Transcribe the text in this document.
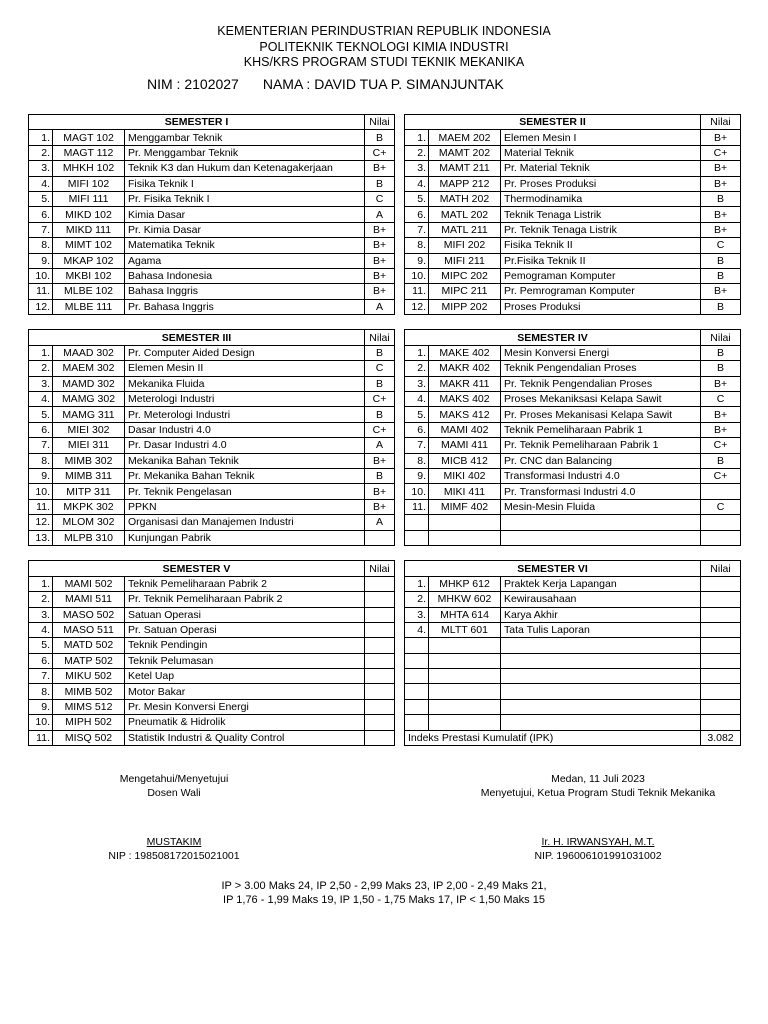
KEMENTERIAN PERINDUSTRIAN REPUBLIK INDONESIA
POLITEKNIK TEKNOLOGI KIMIA INDUSTRI
KHS/KRS PROGRAM STUDI TEKNIK MEKANIKA
NIM : 2102027 NAMA : DAVID TUA P. SIMANJUNTAK
SEMESTER I			Nilai
1.	MAGT 102	Menggambar Teknik	B
2.	MAGT 112	Pr. Menggambar Teknik	C+
3.	MHKH 102	Teknik K3 dan Hukum dan Ketenagakerjaan	B+
4.	MIFI 102	Fisika Teknik I	B
5.	MIFI 111	Pr. Fisika Teknik I	C
6.	MIKD 102	Kimia Dasar	A
7.	MIKD 111	Pr. Kimia Dasar	B+
8.	MIMT 102	Matematika Teknik	B+
9.	MKAP 102	Agama	B+
10.	MKBI 102	Bahasa Indonesia	B+
11.	MLBE 102	Bahasa Inggris	B+
12.	MLBE 111	Pr. Bahasa Inggris	A

SEMESTER III			Nilai
1.	MAAD 302	Pr. Computer Aided Design	B
2.	MAEM 302	Elemen Mesin II	C
3.	MAMD 302	Mekanika Fluida	B
4.	MAMG 302	Meterologi Industri	C+
5.	MAMG 311	Pr. Meterologi Industri	B
6.	MIEI 302	Dasar Industri 4.0	C+
7.	MIEI 311	Pr. Dasar Industri 4.0	A
8.	MIMB 302	Mekanika Bahan Teknik	B+
9.	MIMB 311	Pr. Mekanika Bahan Teknik	B
10.	MITP 311	Pr. Teknik Pengelasan	B+
11.	MKPK 302	PPKN	B+
12.	MLOM 302	Organisasi dan Manajemen Industri	A
13.	MLPB 310	Kunjungan Pabrik	

SEMESTER V			Nilai
1.	MAMI 502	Teknik Pemeliharaan Pabrik 2	
2.	MAMI 511	Pr. Teknik Pemeliharaan Pabrik 2	
3.	MASO 502	Satuan Operasi	
4.	MASO 511	Pr. Satuan Operasi	
5.	MATD 502	Teknik Pendingin	
6.	MATP 502	Teknik Pelumasan	
7.	MIKU 502	Ketel Uap	
8.	MIMB 502	Motor Bakar	
9.	MIMS 512	Pr. Mesin Konversi Energi	
10.	MIPH 502	Pneumatik & Hidrolik	
11.	MISQ 502	Statistik Industri & Quality Control	
SEMESTER II			Nilai
1.	MAEM 202	Elemen Mesin I	B+
2.	MAMT 202	Material Teknik	C+
3.	MAMT 211	Pr. Material Teknik	B+
4.	MAPP 212	Pr. Proses Produksi	B+
5.	MATH 202	Thermodinamika	B
6.	MATL 202	Teknik Tenaga Listrik	B+
7.	MATL 211	Pr. Teknik Tenaga Listrik	B+
8.	MIFI 202	Fisika Teknik II	C
9.	MIFI 211	Pr.Fisika Teknik II	B
10.	MIPC 202	Pemograman Komputer	B
11.	MIPC 211	Pr. Pemrograman Komputer	B+
12.	MIPP 202	Proses Produksi	B

SEMESTER IV			Nilai
1.	MAKE 402	Mesin Konversi Energi	B
2.	MAKR 402	Teknik Pengendalian Proses	B
3.	MAKR 411	Pr. Teknik Pengendalian Proses	B+
4.	MAKS 402	Proses Mekaniksasi Kelapa Sawit	C
5.	MAKS 412	Pr. Proses Mekanisasi Kelapa Sawit	B+
6.	MAMI 402	Teknik Pemeliharaan Pabrik 1	B+
7.	MAMI 411	Pr. Teknik Pemeliharaan Pabrik 1	C+
8.	MICB 412	Pr. CNC dan Balancing	B
9.	MIKI 402	Transformasi Industri 4.0	C+
10.	MIKI 411	Pr. Transformasi Industri 4.0	
11.	MIMF 402	Mesin-Mesin Fluida	C

SEMESTER VI			Nilai
1.	MHKP 612	Praktek Kerja Lapangan	
2.	MHKW 602	Kewirausahaan	
3.	MHTA 614	Karya Akhir	
4.	MLTT 601	Tata Tulis Laporan	

Indeks Prestasi Kumulatif (IPK)			3.082
Mengetahui/Menyetujui
Dosen Wali
MUSTAKIM
NIP : 198508172015021001
Medan, 11 Juli 2023
Menyetujui, Ketua Program Studi Teknik Mekanika
Ir. H. IRWANSYAH, M.T.
NIP. 196006101991031002
IP > 3.00 Maks 24, IP 2,50 - 2,99 Maks 23, IP 2,00 - 2,49 Maks 21,
IP 1,76 - 1,99 Maks 19, IP 1,50 - 1,75 Maks 17, IP < 1,50 Maks 15
